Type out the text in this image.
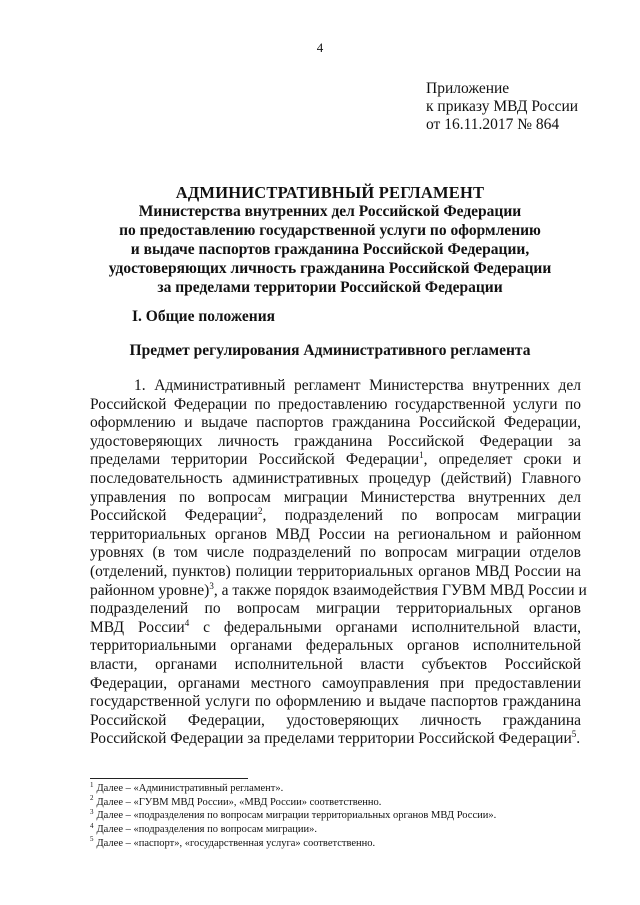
4
Приложение
к приказу МВД России
от 16.11.2017 № 864
АДМИНИСТРАТИВНЫЙ РЕГЛАМЕНТ
Министерства внутренних дел Российской Федерации
по предоставлению государственной услуги по оформлению
и выдаче паспортов гражданина Российской Федерации,
удостоверяющих личность гражданина Российской Федерации
за пределами территории Российской Федерации
I. Общие положения
Предмет регулирования Административного регламента
1. Административный регламент Министерства внутренних дел
Российской Федерации по предоставлению государственной услуги по
оформлению и выдаче паспортов гражданина Российской Федерации,
удостоверяющих личность гражданина Российской Федерации за
пределами территории Российской Федерации$^1$, определяет сроки и
последовательность административных процедур (действий) Главного
управления по вопросам миграции Министерства внутренних дел
Российской Федерации$^2$, подразделений по вопросам миграции
территориальных органов МВД России на региональном и районном
уровнях (в том числе подразделений по вопросам миграции отделов
(отделений, пунктов) полиции территориальных органов МВД России на
районном уровне)$^3$, а также порядок взаимодействия ГУВМ МВД России и
подразделений по вопросам миграции территориальных органов
МВД России$^4$ с федеральными органами исполнительной власти,
территориальными органами федеральных органов исполнительной
власти, органами исполнительной власти субъектов Российской
Федерации, органами местного самоуправления при предоставлении
государственной услуги по оформлению и выдаче паспортов гражданина
Российской Федерации, удостоверяющих личность гражданина
Российской Федерации за пределами территории Российской Федерации$^5$.
$^1$ Далее – «Административный регламент».
$^2$ Далее – «ГУВМ МВД России», «МВД России» соответственно.
$^3$ Далее – «подразделения по вопросам миграции территориальных органов МВД России».
$^4$ Далее – «подразделения по вопросам миграции».
$^5$ Далее – «паспорт», «государственная услуга» соответственно.
